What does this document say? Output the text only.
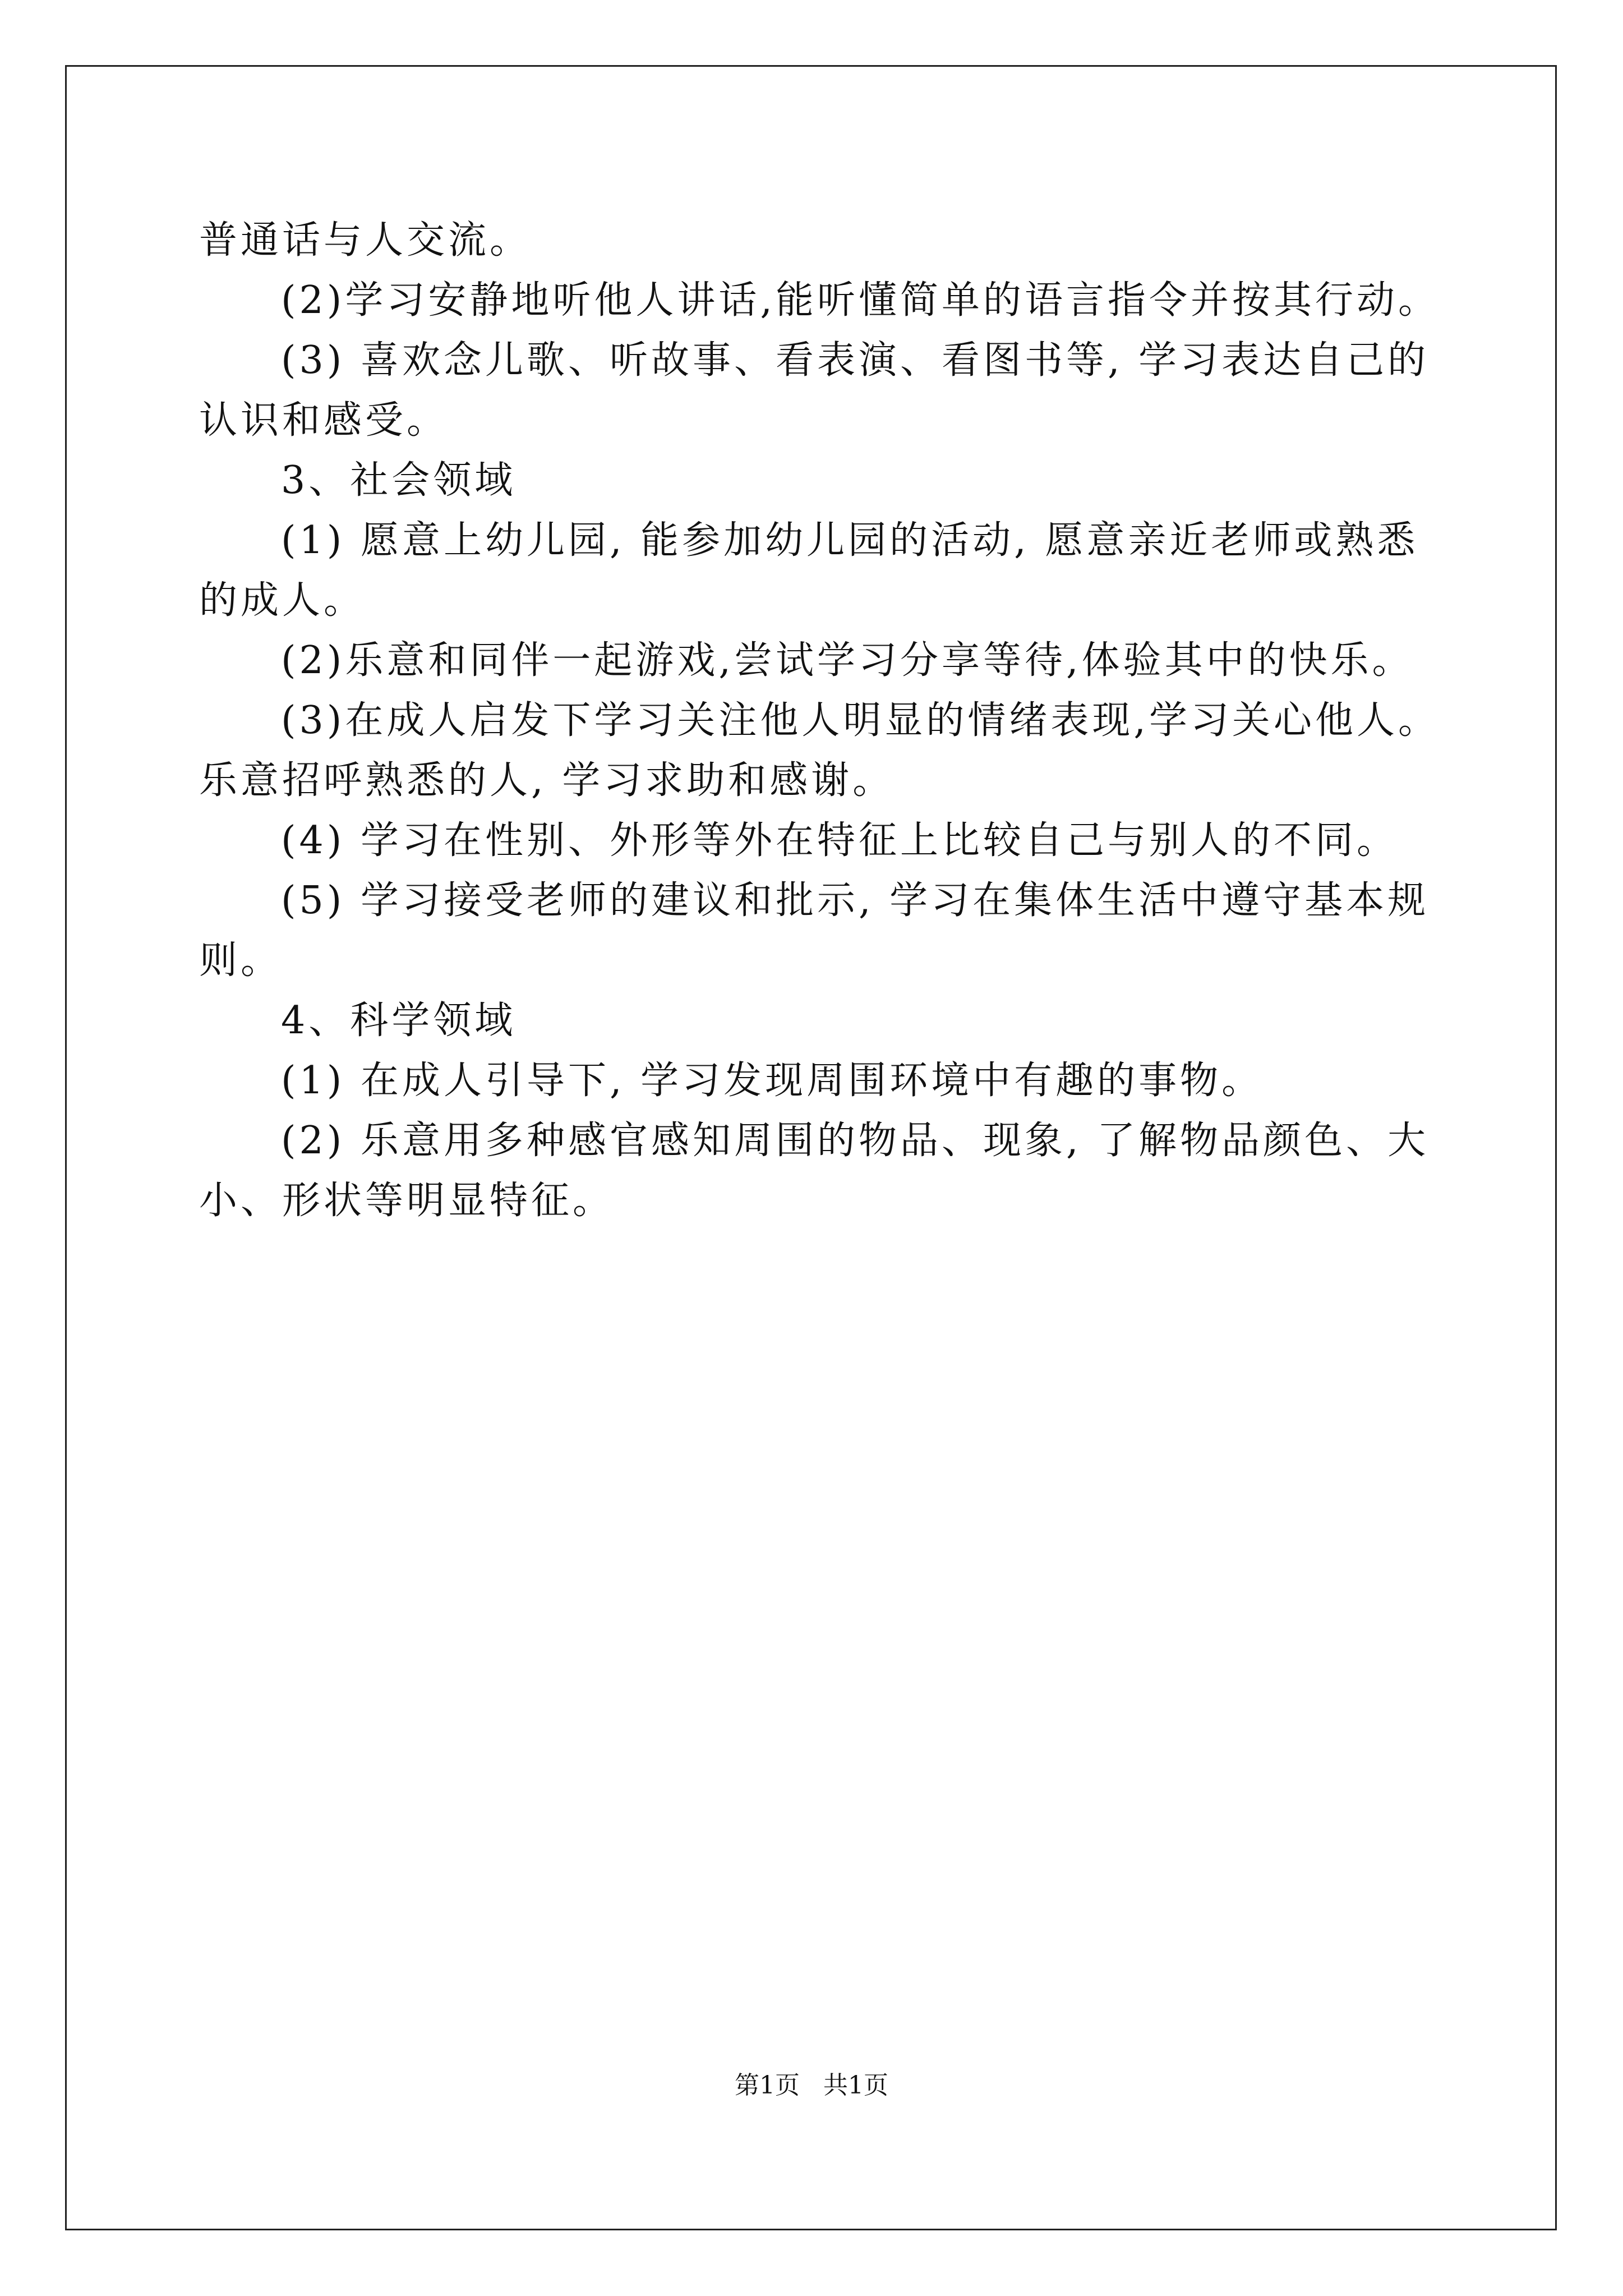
普通话与人交流。
(2)学习安静地听他人讲话,能听懂简单的语言指令并按其行动。
(3) 喜欢念儿歌、听故事、看表演、看图书等, 学习表达自己的
认识和感受。
3、社会领域
(1) 愿意上幼儿园, 能参加幼儿园的活动, 愿意亲近老师或熟悉
的成人。
(2)乐意和同伴一起游戏,尝试学习分享等待,体验其中的快乐。
(3)在成人启发下学习关注他人明显的情绪表现,学习关心他人。
乐意招呼熟悉的人, 学习求助和感谢。
(4) 学习在性别、外形等外在特征上比较自己与别人的不同。
(5) 学习接受老师的建议和批示, 学习在集体生活中遵守基本规
则。
4、科学领域
(1) 在成人引导下, 学习发现周围环境中有趣的事物。
(2) 乐意用多种感官感知周围的物品、现象, 了解物品颜色、大
小、形状等明显特征。
第1页   共1页
